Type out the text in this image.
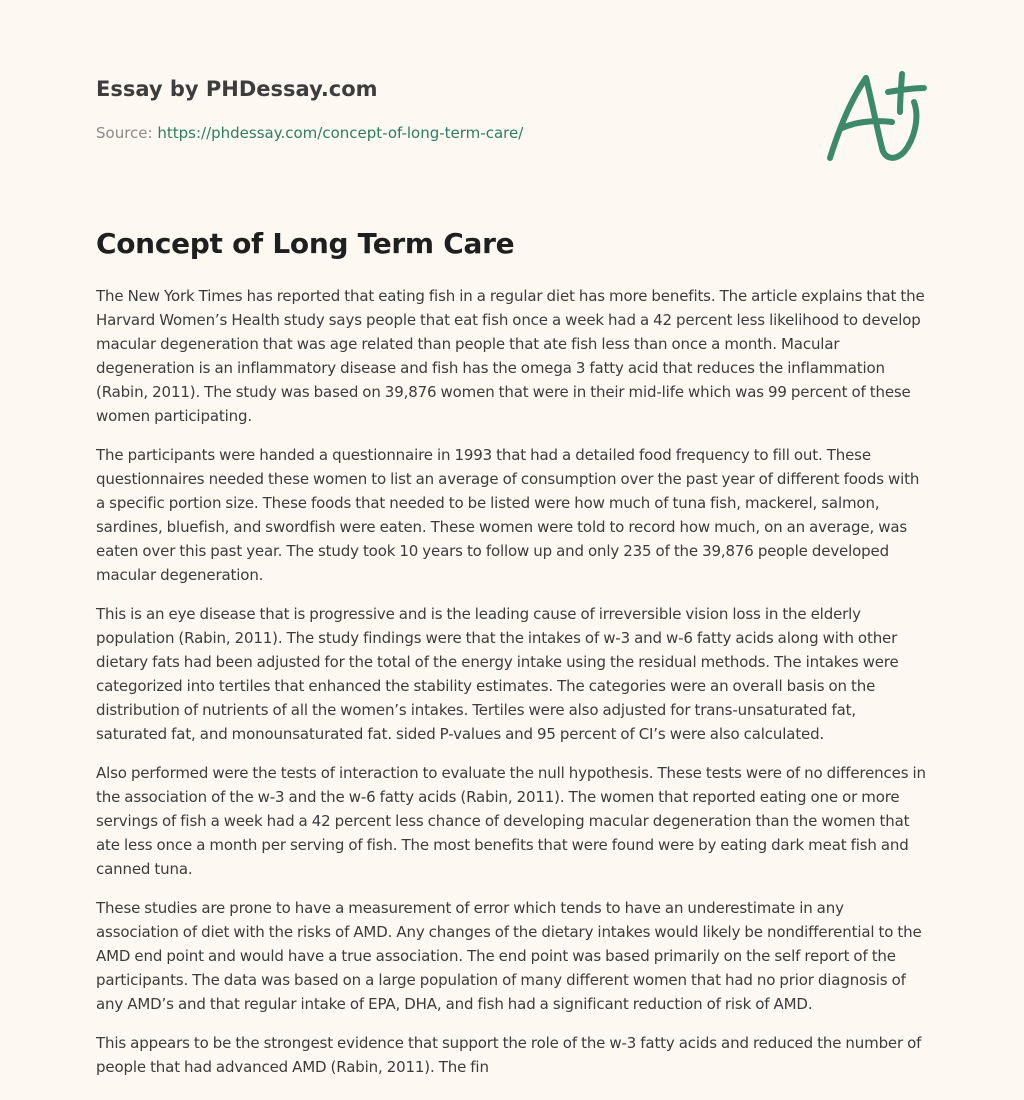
Essay by PHDessay.com
Source: https://phdessay.com/concept-of-long-term-care/
Concept of Long Term Care

The New York Times has reported that eating fish in a regular diet has more benefits. The article explains that the Harvard Women’s Health study says people that eat fish once a week had a 42 percent less likelihood to develop macular degeneration that was age related than people that ate fish less than once a month. Macular degeneration is an inflammatory disease and fish has the omega 3 fatty acid that reduces the inflammation (Rabin, 2011). The study was based on 39,876 women that were in their mid-life which was 99 percent of these women participating.

The participants were handed a questionnaire in 1993 that had a detailed food frequency to fill out. These questionnaires needed these women to list an average of consumption over the past year of different foods with a specific portion size. These foods that needed to be listed were how much of tuna fish, mackerel, salmon, sardines, bluefish, and swordfish were eaten. These women were told to record how much, on an average, was eaten over this past year. The study took 10 years to follow up and only 235 of the 39,876 people developed macular degeneration.

This is an eye disease that is progressive and is the leading cause of irreversible vision loss in the elderly population (Rabin, 2011). The study findings were that the intakes of w-3 and w-6 fatty acids along with other dietary fats had been adjusted for the total of the energy intake using the residual methods. The intakes were categorized into tertiles that enhanced the stability estimates. The categories were an overall basis on the distribution of nutrients of all the women’s intakes. Tertiles were also adjusted for trans-unsaturated fat, saturated fat, and monounsaturated fat. sided P-values and 95 percent of CI’s were also calculated.

Also performed were the tests of interaction to evaluate the null hypothesis. These tests were of no differences in the association of the w-3 and the w-6 fatty acids (Rabin, 2011). The women that reported eating one or more servings of fish a week had a 42 percent less chance of developing macular degeneration than the women that ate less once a month per serving of fish. The most benefits that were found were by eating dark meat fish and canned tuna.

These studies are prone to have a measurement of error which tends to have an underestimate in any association of diet with the risks of AMD. Any changes of the dietary intakes would likely be nondifferential to the AMD end point and would have a true association. The end point was based primarily on the self report of the participants. The data was based on a large population of many different women that had no prior diagnosis of any AMD’s and that regular intake of EPA, DHA, and fish had a significant reduction of risk of AMD.

This appears to be the strongest evidence that support the role of the w-3 fatty acids and reduced the number of people that had advanced AMD (Rabin, 2011). The fin
